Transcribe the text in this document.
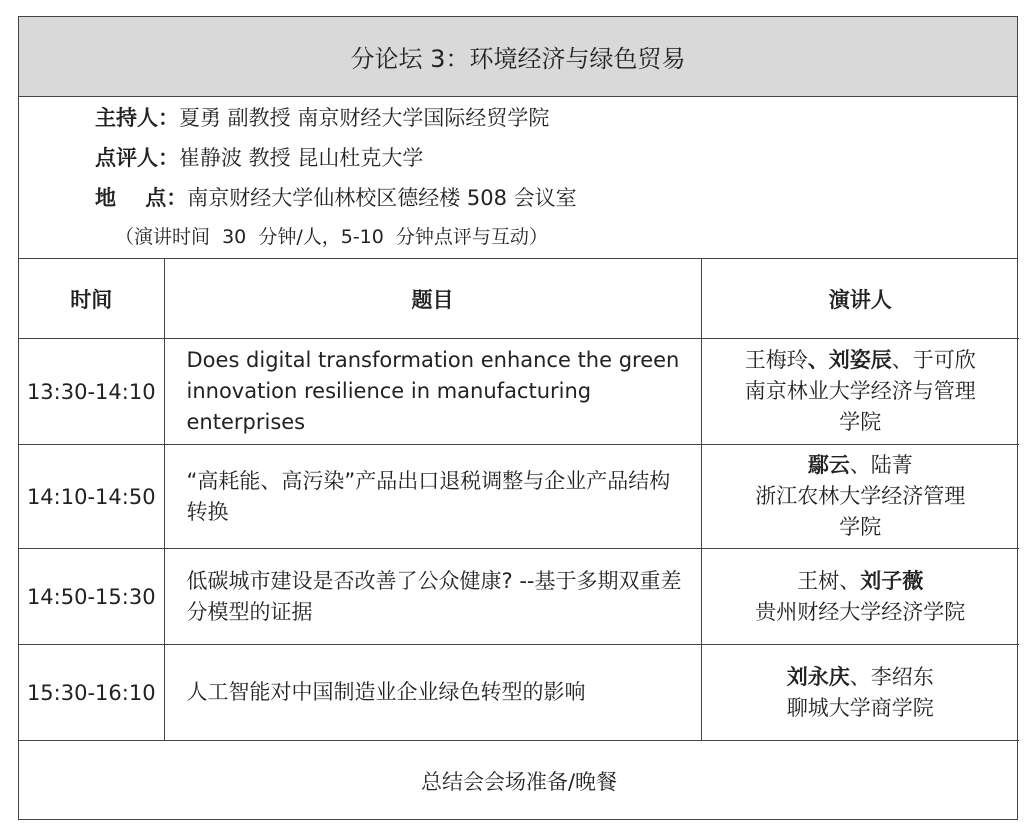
分论坛 3：环境经济与绿色贸易
主持人：夏勇 副教授 南京财经大学国际经贸学院
点评人：崔静波 教授 昆山杜克大学
地    点：南京财经大学仙林校区德经楼 508 会议室
（演讲时间  30  分钟/人，5-10  分钟点评与互动）
时间	题目	演讲人
13:30-14:10	Does digital transformation enhance the green innovation resilience in manufacturing enterprises	王梅玲、刘姿辰、于可欣
南京林业大学经济与管理学院

14:10-14:50	“高耗能、高污染”产品出口退税调整与企业产品结构转换	鄢云、陆菁
浙江农林大学经济管理学院

14:50-15:30	低碳城市建设是否改善了公众健康? --基于多期双重差分模型的证据	王树、刘子薇
贵州财经大学经济学院

15:30-16:10	人工智能对中国制造业企业绿色转型的影响	刘永庆、李绍东
聊城大学商学院

总结会会场准备/晚餐		
